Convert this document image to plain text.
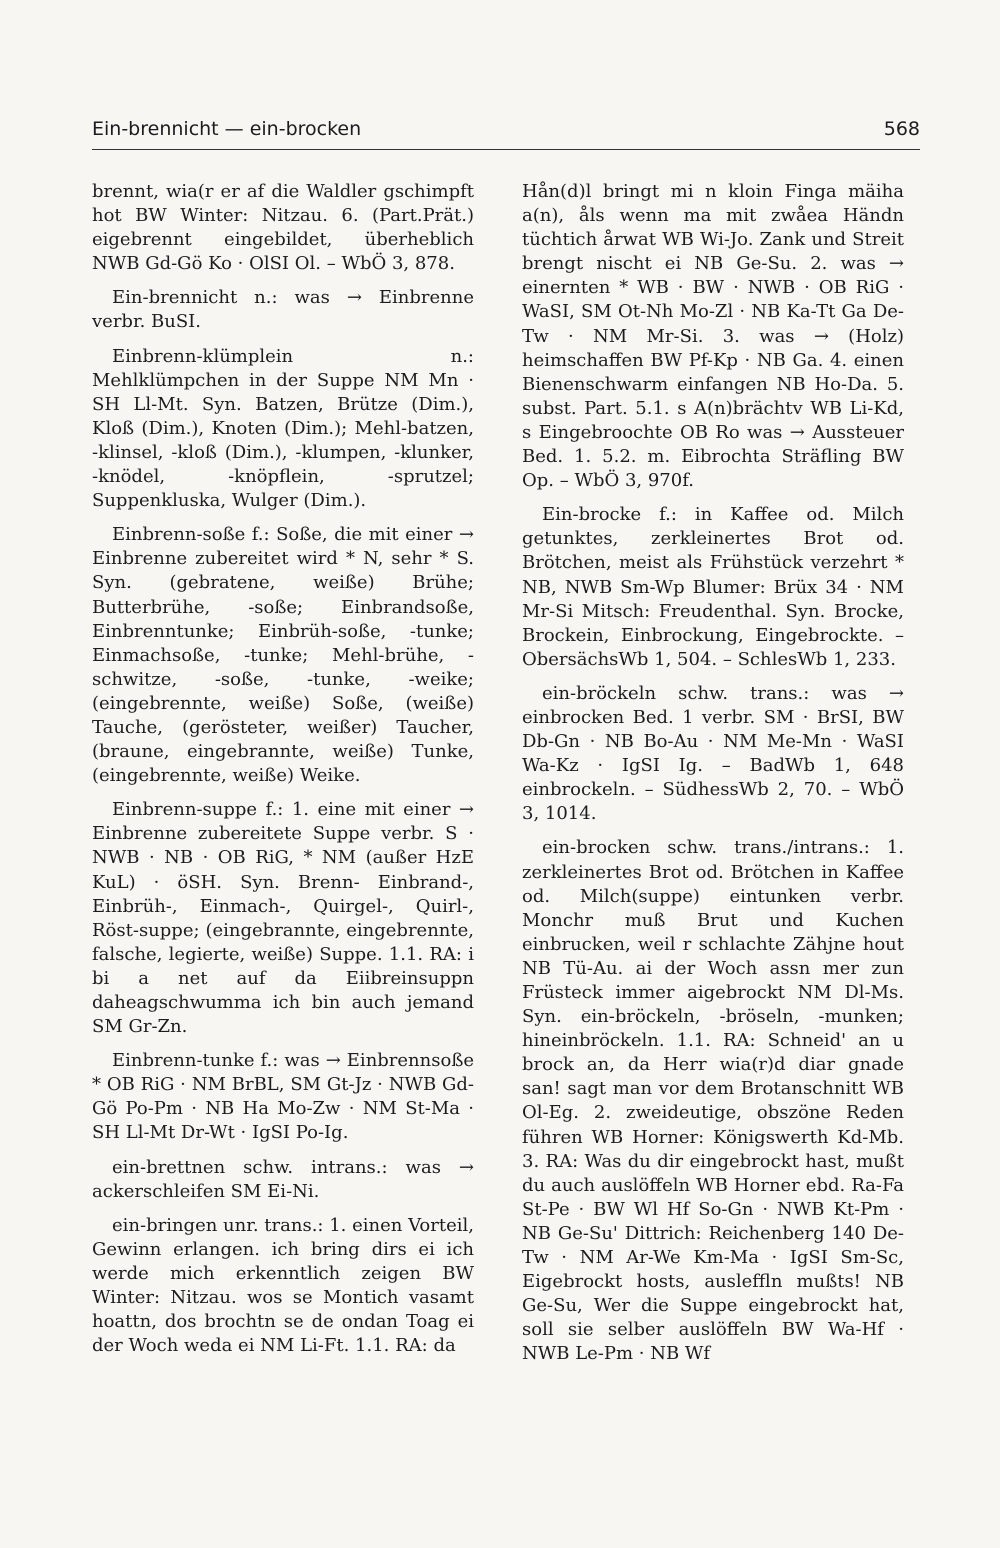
Ein-brennicht — ein-brocken	568

brennt, wia(r er af die Waldler gschimpft hot BW Winter: Nitzau. 6. (Part.Prät.) eigebrennt eingebildet, überheblich NWB Gd-Gö Ko · OlSI Ol. – WbÖ 3, 878.

Ein-brennicht n.: was → Einbrenne verbr. BuSI.

Einbrenn-klümplein n.: Mehlklümpchen in der Suppe NM Mn · SH Ll-Mt. Syn. Batzen, Brütze (Dim.), Kloß (Dim.), Knoten (Dim.); Mehl-batzen, -klinsel, -kloß (Dim.), -klumpen, -klunker, -knödel, -knöpflein, -sprutzel; Suppenkluska, Wulger (Dim.).

Einbrenn-soße f.: Soße, die mit einer → Einbrenne zubereitet wird * N, sehr * S. Syn. (gebratene, weiße) Brühe; Butterbrühe, -soße; Einbrandsoße, Einbrenntunke; Einbrüh-soße, -tunke; Einmachsoße, -tunke; Mehl-brühe, -schwitze, -soße, -tunke, -weike; (eingebrennte, weiße) Soße, (weiße) Tauche, (gerösteter, weißer) Taucher, (braune, eingebrannte, weiße) Tunke, (eingebrennte, weiße) Weike.

Einbrenn-suppe f.: 1. eine mit einer → Einbrenne zubereitete Suppe verbr. S · NWB · NB · OB RiG, * NM (außer HzE KuL) · öSH. Syn. Brenn- Einbrand-, Einbrüh-, Einmach-, Quirgel-, Quirl-, Röst-suppe; (eingebrannte, eingebrennte, falsche, legierte, weiße) Suppe. 1.1. RA: i bi a net auf da Eiibreinsuppn daheagschwumma ich bin auch jemand SM Gr-Zn.

Einbrenn-tunke f.: was → Einbrennsoße * OB RiG · NM BrBL, SM Gt-Jz · NWB Gd-Gö Po-Pm · NB Ha Mo-Zw · NM St-Ma · SH Ll-Mt Dr-Wt · IgSI Po-Ig.

ein-brettnen schw. intrans.: was → ackerschleifen SM Ei-Ni.

ein-bringen unr. trans.: 1. einen Vorteil, Gewinn erlangen. ich bring dirs ei ich werde mich erkenntlich zeigen BW Winter: Nitzau. wos se Montich vasamt hoattn, dos brochtn se de ondan Toag ei der Woch weda ei NM Li-Ft. 1.1. RA: da

Hån(d)l bringt mi n kloin Finga mäiha a(n), åls wenn ma mit zwåea Händn tüchtich årwat WB Wi-Jo. Zank und Streit brengt nischt ei NB Ge-Su. 2. was → einernten * WB · BW · NWB · OB RiG · WaSI, SM Ot-Nh Mo-Zl · NB Ka-Tt Ga De-Tw · NM Mr-Si. 3. was → (Holz) heimschaffen BW Pf-Kp · NB Ga. 4. einen Bienenschwarm einfangen NB Ho-Da. 5. subst. Part. 5.1. s A(n)brächtv WB Li-Kd, s Eingebroochte OB Ro was → Aussteuer Bed. 1. 5.2. m. Eibrochta Sträfling BW Op. – WbÖ 3, 970f.

Ein-brocke f.: in Kaffee od. Milch getunktes, zerkleinertes Brot od. Brötchen, meist als Frühstück verzehrt * NB, NWB Sm-Wp Blumer: Brüx 34 · NM Mr-Si Mitsch: Freudenthal. Syn. Brocke, Brockein, Einbrockung, Eingebrockte. – ObersächsWb 1, 504. – SchlesWb 1, 233.

ein-bröckeln schw. trans.: was → einbrocken Bed. 1 verbr. SM · BrSI, BW Db-Gn · NB Bo-Au · NM Me-Mn · WaSI Wa-Kz · IgSI Ig. – BadWb 1, 648 einbrockeln. – SüdhessWb 2, 70. – WbÖ 3, 1014.

ein-brocken schw. trans./intrans.: 1. zerkleinertes Brot od. Brötchen in Kaffee od. Milch(suppe) eintunken verbr. Monchr muß Brut und Kuchen einbrucken, weil r schlachte Zähjne hout NB Tü-Au. ai der Woch assn mer zun Früsteck immer aigebrockt NM Dl-Ms. Syn. ein-bröckeln, -bröseln, -munken; hineinbröckeln. 1.1. RA: Schneid' an u brock an, da Herr wia(r)d diar gnade san! sagt man vor dem Brotanschnitt WB Ol-Eg. 2. zweideutige, obszöne Reden führen WB Horner: Königswerth Kd-Mb. 3. RA: Was du dir eingebrockt hast, mußt du auch auslöffeln WB Horner ebd. Ra-Fa St-Pe · BW Wl Hf So-Gn · NWB Kt-Pm · NB Ge-Su' Dittrich: Reichenberg 140 De-Tw · NM Ar-We Km-Ma · IgSI Sm-Sc, Eigebrockt hosts, ausleffln mußts! NB Ge-Su, Wer die Suppe eingebrockt hat, soll sie selber auslöffeln BW Wa-Hf · NWB Le-Pm · NB Wf
